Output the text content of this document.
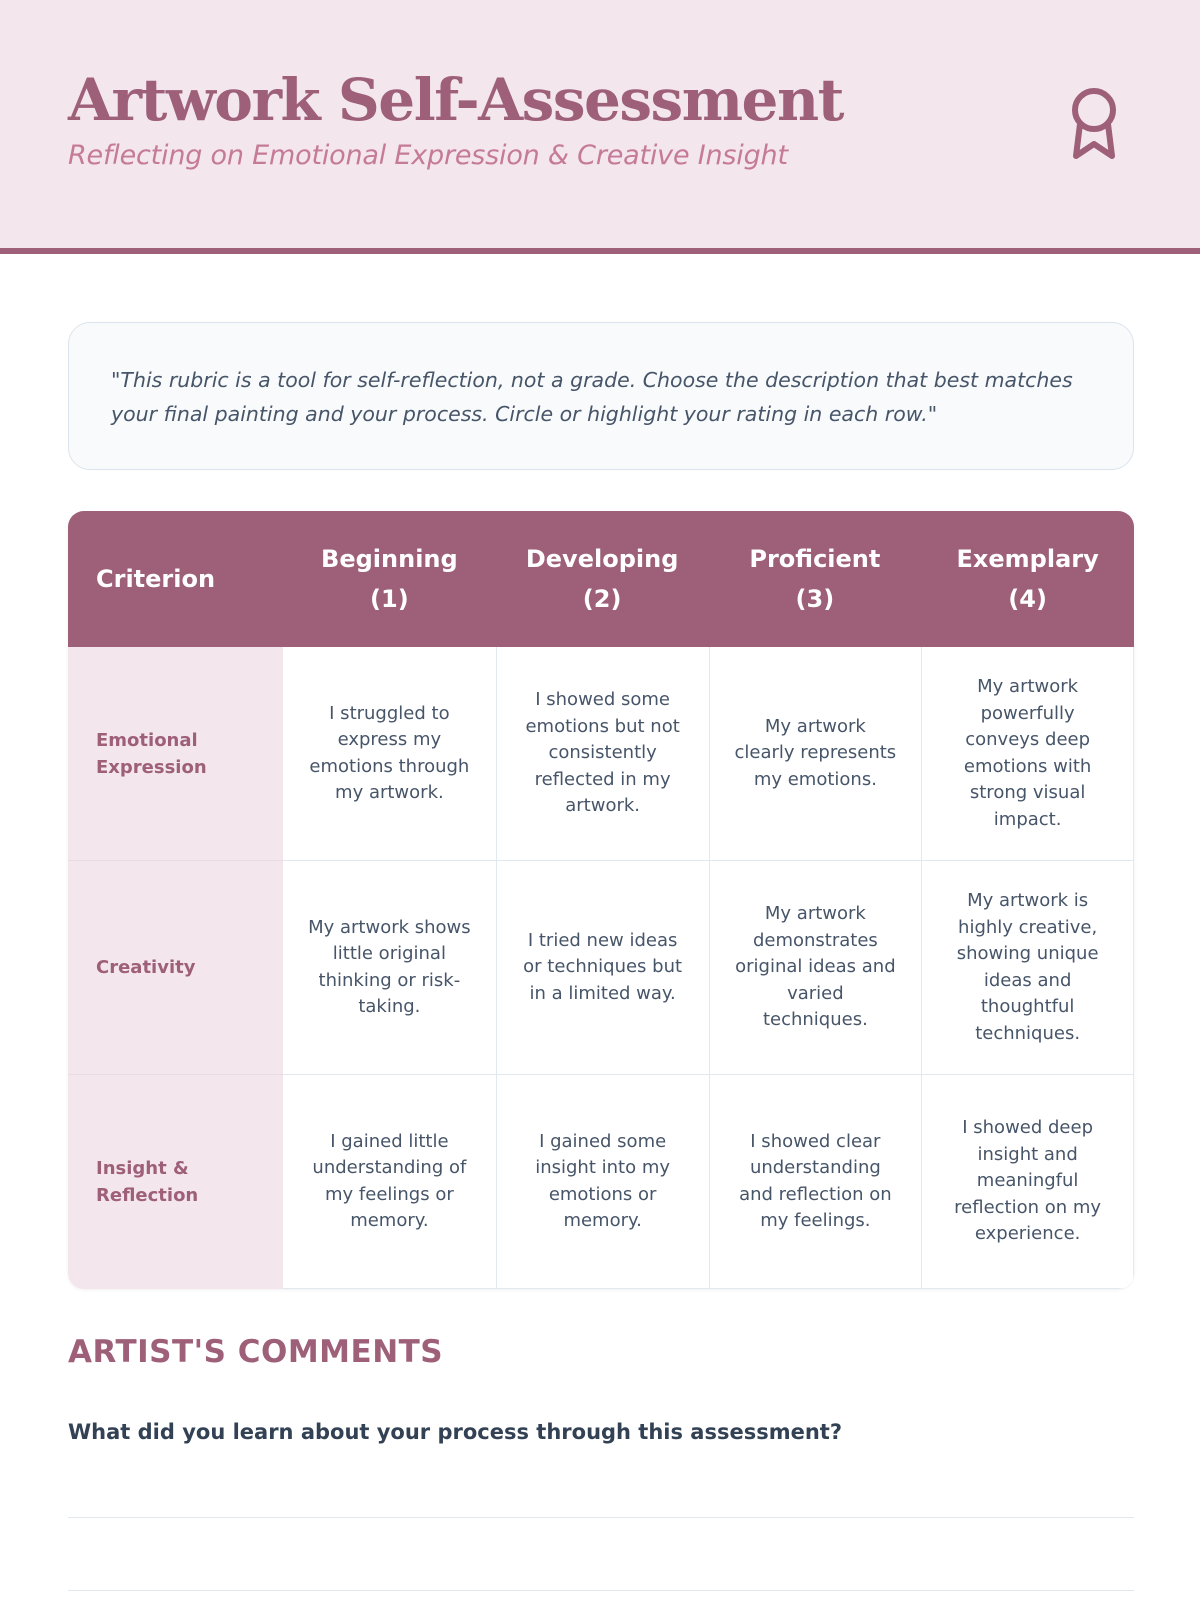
Artwork Self-Assessment
Reflecting on Emotional Expression & Creative Insight

"This rubric is a tool for self-reflection, not a grade. Choose the description that best matches your final painting and your process. Circle or highlight your rating in each row."

Criterion
Beginning
(1)
Developing
(2)
Proficient
(3)
Exemplary
(4)
Emotional Expression
I struggled to express my emotions through my artwork.
I showed some emotions but not consistently reflected in my artwork.
My artwork clearly represents my emotions.
My artwork powerfully conveys deep emotions with strong visual impact.
Creativity
My artwork shows little original thinking or risk-taking.
I tried new ideas or techniques but in a limited way.
My artwork demonstrates original ideas and varied techniques.
My artwork is highly creative, showing unique ideas and thoughtful techniques.
Insight & Reflection
I gained little understanding of my feelings or memory.
I gained some insight into my emotions or memory.
I showed clear understanding and reflection on my feelings.
I showed deep insight and meaningful reflection on my experience.
ARTIST'S COMMENTS
What did you learn about your process through this assessment?
